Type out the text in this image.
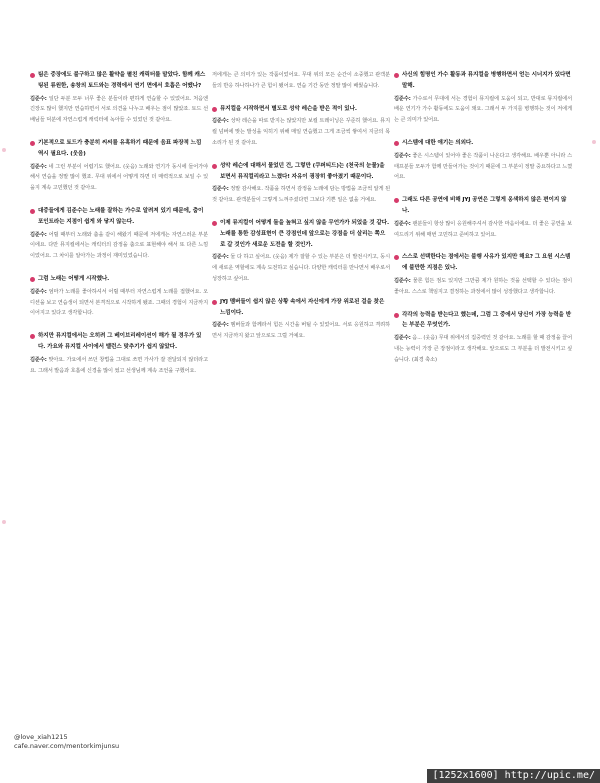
팀은 중장에도 불구하고 많은 활약을 펼친 캐릭터를 맡았다. 함께 캐스팅된 류원한, 송창의 토드와는 경력에서 연기 면에서 호흡은 어땠나?
김준수: 일단 두분 모두 너무 좋은 분들이라 편하게 연습할 수 있었어요. 처음엔 긴장도 많이 했지만 연습하면서 서로 의견을 나누고 배우는 점이 많았죠. 토드 선배님들 덕분에 자연스럽게 캐릭터에 녹아들 수 있었던 것 같아요.
기본적으로 토드가 충분히 씨씨를 유혹하기 때문에 음표 파장적 느낌 역시 필요다. (웃음)
김준수: 네 그런 부분이 어렵기도 했어요. (웃음) 노래와 연기가 동시에 들어가야 해서 연습을 정말 많이 했죠. 무대 위에서 어떻게 하면 더 매력적으로 보일 수 있을지 계속 고민했던 것 같아요.
대중들에게 김준수는 노래를 잘하는 가수로 알려져 있기 때문에, 춤이 포인트라는 지점이 쉽게 와 닿지 않는다.
김준수: 어릴 때부터 노래와 춤을 같이 해왔기 때문에 저에게는 자연스러운 부분이에요. 다만 뮤지컬에서는 캐릭터의 감정을 춤으로 표현해야 해서 또 다른 느낌이었어요. 그 차이를 알아가는 과정이 재미있었습니다.
그럼 노래는 어떻게 시작했나.
김준수: 엄마가 노래를 좋아하셔서 어릴 때부터 자연스럽게 노래를 접했어요. 오디션을 보고 연습생이 되면서 본격적으로 시작하게 됐죠. 그때의 경험이 지금까지 이어지고 있다고 생각합니다.
하지만 뮤지컬에서는 오히려 그 베이브리레이션이 해가 될 경우가 있다. 가요와 뮤지컬 사이에서 밸런스 맞추기가 쉽지 않았다.
김준수: 맞아요. 가요에서 쓰던 창법을 그대로 쓰면 가사가 잘 전달되지 않더라고요. 그래서 발음과 호흡에 신경을 많이 썼고 선생님께 계속 조언을 구했어요.
저에게는 큰 의미가 있는 작품이었어요. 무대 위의 모든 순간이 소중했고 관객분들의 반응 하나하나가 큰 힘이 됐어요. 연습 기간 동안 정말 많이 배웠습니다.
뮤지컬을 시작하면서 별도로 성악 레슨을 받은 적이 있나.
김준수: 성악 레슨을 따로 받지는 않았지만 보컬 트레이닝은 꾸준히 했어요. 뮤지컬 넘버에 맞는 발성을 익히기 위해 매일 연습했고 그게 조금씩 쌓여서 지금의 목소리가 된 것 같아요.
성악 레슨에 대해서 물었던 건, 그렇만 (쿠퍼티드)는 (천국의 눈물)을 보면서 뮤직컬리라고 느꼈다! 자유이 굉장히 좋아졌기 때문이다.
김준수: 정말 감사해요. 작품을 하면서 감정을 노래에 담는 방법을 조금씩 알게 된 것 같아요. 관객분들이 그렇게 느껴주셨다면 그보다 기쁜 일은 없을 거예요.
이제 뮤지컬이 어떻게 돌을 높혀고 싶지 않을 무언가가 되었을 것 같다. 노래를 통한 감성표현이 큰 강점인데 앞으로는 강점을 더 살리는 쪽으로 갈 것인가 새로운 도전을 할 것인가.
김준수: 둘 다 하고 싶어요. (웃음) 제가 잘할 수 있는 부분은 더 발전시키고, 동시에 새로운 역할에도 계속 도전하고 싶습니다. 다양한 캐릭터를 만나면서 배우로서 성장하고 싶어요.
JYJ 멤버들이 쉽지 않은 상황 속에서 자신에게 가장 위로된 걸을 찾은 느낌이다.
김준수: 멤버들과 함께라서 힘든 시간을 버틸 수 있었어요. 서로 응원하고 격려하면서 지금까지 왔고 앞으로도 그럴 거예요.
사신의 힘명인 가수 활동과 뮤지컬을 병행하면서 얻는 시너지가 있다면 말해.
김준수: 가수로서 무대에 서는 경험이 뮤지컬에 도움이 되고, 반대로 뮤지컬에서 배운 연기가 가수 활동에도 도움이 돼요. 그래서 두 가지를 병행하는 것이 저에게는 큰 의미가 있어요.
시스템에 대한 얘기는 의외다.
김준수: 좋은 시스템이 있어야 좋은 작품이 나온다고 생각해요. 배우뿐 아니라 스태프분들 모두가 함께 만들어가는 것이기 때문에 그 부분이 정말 중요하다고 느꼈어요.
그래도 다른 공연에 비해 JYJ 공연은 그렇게 옹색하지 않은 편이지 않나.
김준수: 팬분들이 항상 많이 응원해주셔서 감사한 마음이에요. 더 좋은 공연을 보여드리기 위해 매번 고민하고 준비하고 있어요.
스스로 선택한다는 점에서는 불행 사유가 있지만 해요? 그 요원 시스템에 불만한 지점은 있나.
김준수: 물론 힘든 점도 있지만 그만큼 제가 원하는 것을 선택할 수 있다는 점이 좋아요. 스스로 책임지고 결정하는 과정에서 많이 성장했다고 생각합니다.
각각의 능력을 받는다고 했는데, 그럼 그 중에서 당신이 가장 능력을 받는 부분은 무엇인가.
김준수: 음... (웃음) 무대 위에서의 집중력인 것 같아요. 노래를 할 때 감정을 끌어내는 능력이 가장 큰 장점이라고 생각해요. 앞으로도 그 부분을 더 발전시키고 싶습니다. (최경 축소)
@love_xiah1215
cafe.naver.com/mentorkimjunsu
[1252x1600] http://upic.me/
